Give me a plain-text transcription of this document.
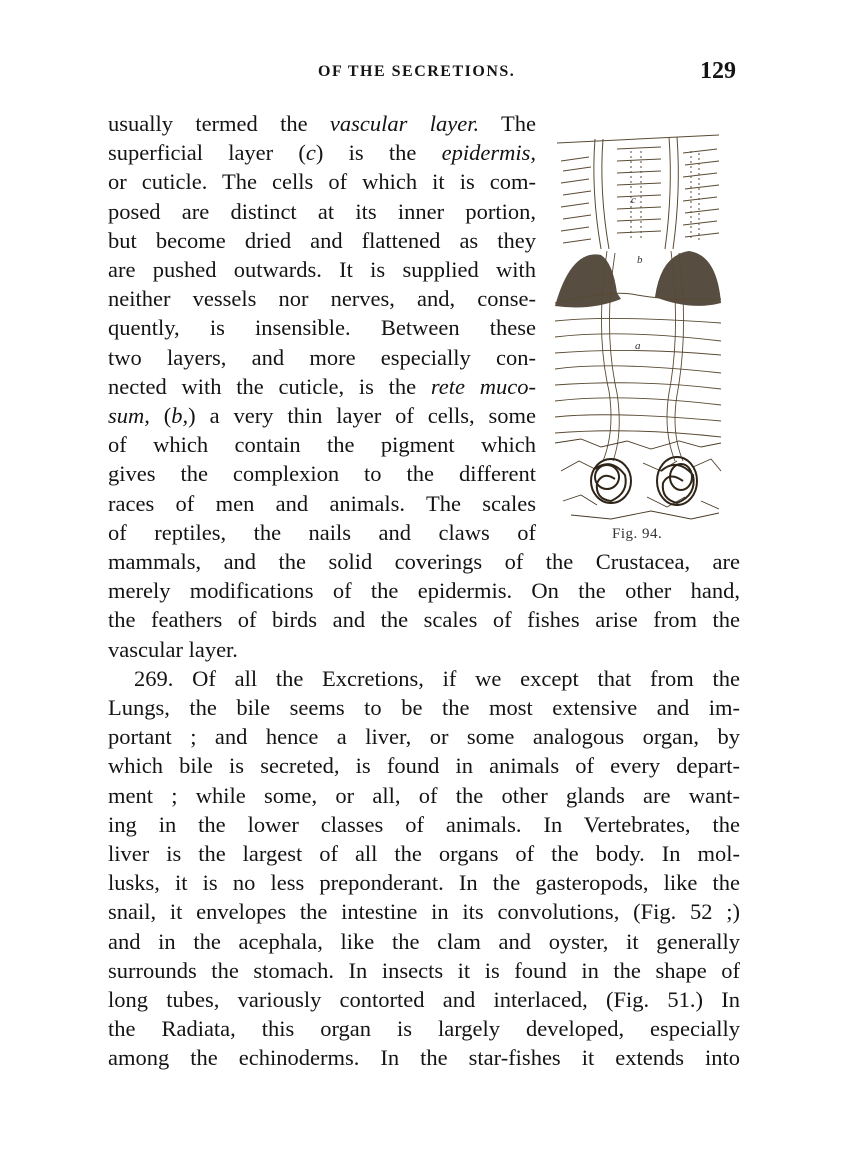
OF THE SECRETIONS.	129
usually termed the vascular layer. The
superficial layer (c) is the epidermis,
or cuticle. The cells of which it is com-
posed are distinct at its inner portion,
but become dried and flattened as they
are pushed outwards. It is supplied with
neither vessels nor nerves, and, conse-
quently, is insensible. Between these
two layers, and more especially con-
nected with the cuticle, is the rete muco-
sum, (b,) a very thin layer of cells, some
of which contain the pigment which
gives the complexion to the different
races of men and animals. The scales
of reptiles, the nails and claws of
mammals, and the solid coverings of the Crustacea, are
merely modifications of the epidermis. On the other hand,
the feathers of birds and the scales of fishes arise from the
vascular layer.
269. Of all the Excretions, if we except that from the
Lungs, the bile seems to be the most extensive and im-
portant ; and hence a liver, or some analogous organ, by
which bile is secreted, is found in animals of every depart-
ment ; while some, or all, of the other glands are want-
ing in the lower classes of animals. In Vertebrates, the
liver is the largest of all the organs of the body. In mol-
lusks, it is no less preponderant. In the gasteropods, like the
snail, it envelopes the intestine in its convolutions, (Fig. 52 ;)
and in the acephala, like the clam and oyster, it generally
surrounds the stomach. In insects it is found in the shape of
long tubes, variously contorted and interlaced, (Fig. 51.) In
the Radiata, this organ is largely developed, especially
among the echinoderms. In the star-fishes it extends into
c
b
a
Fig. 94.
